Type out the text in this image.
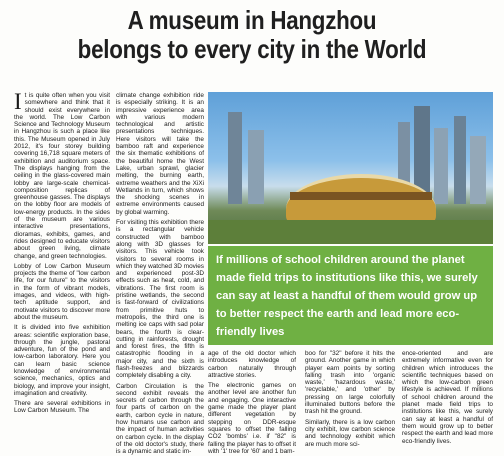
A museum in Hangzhou
belongs to every city in the World

It is quite often when you visit somewhere and think that it should exist everywhere in the world. The Low Carbon Science and Technology Museum in Hangzhou is such a place like this. The Museum opened in July 2012, it's four storey building covering 16,718 square meters of exhibition and auditorium space. The displays hanging from the ceiling in the glass-covered main lobby are large-scale chemical-composition replicas of greenhouse gasses. The displays on the lobby floor are models of low-energy products. In the sides of the museum are various interactive presentations, dioramas, exhibits, games, and rides designed to educate visitors about green living, climate change, and green technologies.

Lobby of Low Carbon Museum projects the theme of "low carbon life, for our future" to the visitors in the form of vibrant models, images, and videos, with high-tech aptitude support, and motivate visitors to discover more about the museum.

It is divided into five exhibition areas: scientific exploration base, through the jungle, pastoral adventure, fun of the pond and low-carbon laboratory. Here you can learn basic science knowledge of environmental science, mechanics, optics and biology, and improve your insight, imagination and creativity.

There are several exhibitions in Low Carbon Museum. The

climate change exhibition ride is especially striking. It is an impressive experience area with various modern technological and artistic presentations techniques. Here visitors will take the bamboo raft and experience the six thematic exhibitions of the beautiful home the West Lake, urban sprawl, glacier melting, the burning earth, extreme weathers and the XiXi Wetlands in turn, which shows the shocking scenes in extreme environments caused by global warming.

For visiting this exhibition there is a rectangular vehicle constructed with bamboo along with 3D glasses for visitors. This vehicle took visitors to several rooms in which they watched 3D movies and experienced post-3D effects such as heat, cold, and vibrations. The first room is pristine wetlands, the second is fast-forward of civilizations from primitive huts to metropolis, the third one is melting ice caps with sad polar bears, the fourth is clear-cutting in rainforests, drought and forest fires, the fifth is catastrophic flooding in a major city, and the sixth is flash-freezes and blizzards completely disabling a city.

Carbon Circulation is the second exhibit reveals the secrets of carbon through the four parts of carbon on the earth, carbon cycle in nature, how humans use carbon and the impact of human activities on carbon cycle. In the display of the old doctor's study, there is a dynamic and static im-

If millions of school children around the planet made field trips to institutions like this, we surely can say at least a handful of them would grow up to better respect the earth and lead more eco-friendly lives

age of the old doctor which introduces knowledge of carbon naturally through attractive stories.

The electronic games on another level are another fun and engaging. One interactive game made the player plant different vegetation by stepping on DDR-esque squares to offset the falling CO2 'bombs' i.e. if "82" is falling the player has to offset it with '1' tree for '60' and 1 bam-

boo for "32" before it hits the ground. Another game in which player earn points by sorting falling trash into 'organic waste,' 'hazardous waste,' 'recyclable,' and 'other' by pressing on large colorfully illuminated buttons before the trash hit the ground.

Similarly, there is a low carbon city exhibit, low carbon science and technology exhibit which are much more sci-

ence-oriented and are extremely informative even for children which introduces the scientific techniques based on which the low-carbon green lifestyle is achieved. If millions of school children around the planet made field trips to institutions like this, we surely can say at least a handful of them would grow up to better respect the earth and lead more eco-friendly lives.
